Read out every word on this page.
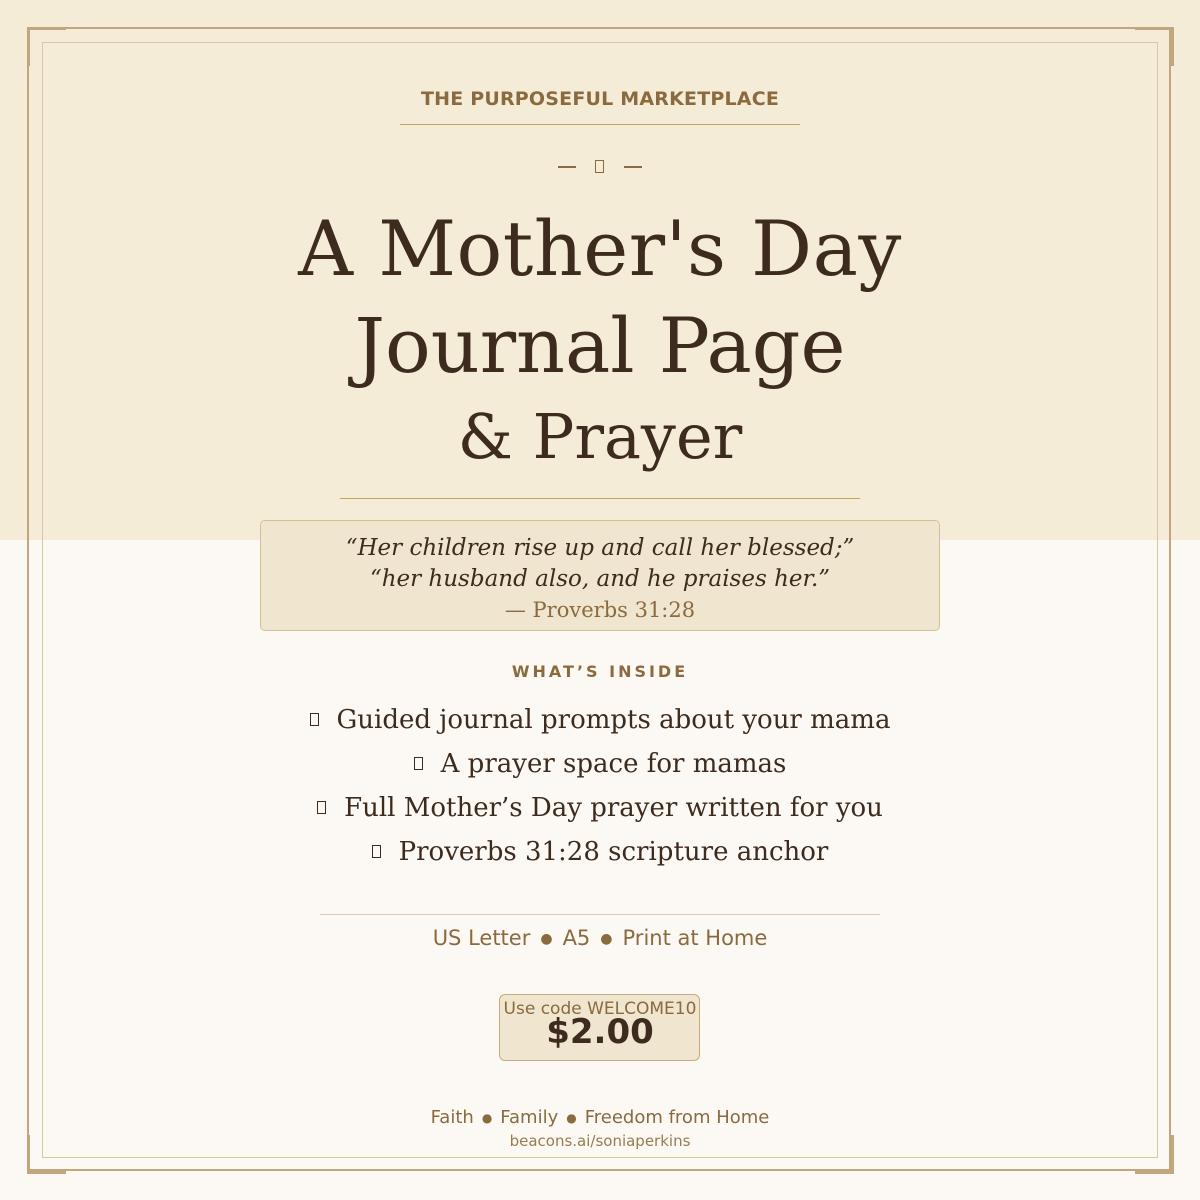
THE PURPOSEFUL MARKETPLACE
A Mother's Day
Journal Page
& Prayer
“Her children rise up and call her blessed;”
“her husband also, and he praises her.”
— Proverbs 31:28
WHAT’S INSIDE
Guided journal prompts about your mama
A prayer space for mamas
Full Mother’s Day prayer written for you
Proverbs 31:28 scripture anchor
US Letter ● A5 ● Print at Home
Use code WELCOME10
$2.00
Faith ● Family ● Freedom from Home
beacons.ai/soniaperkins
